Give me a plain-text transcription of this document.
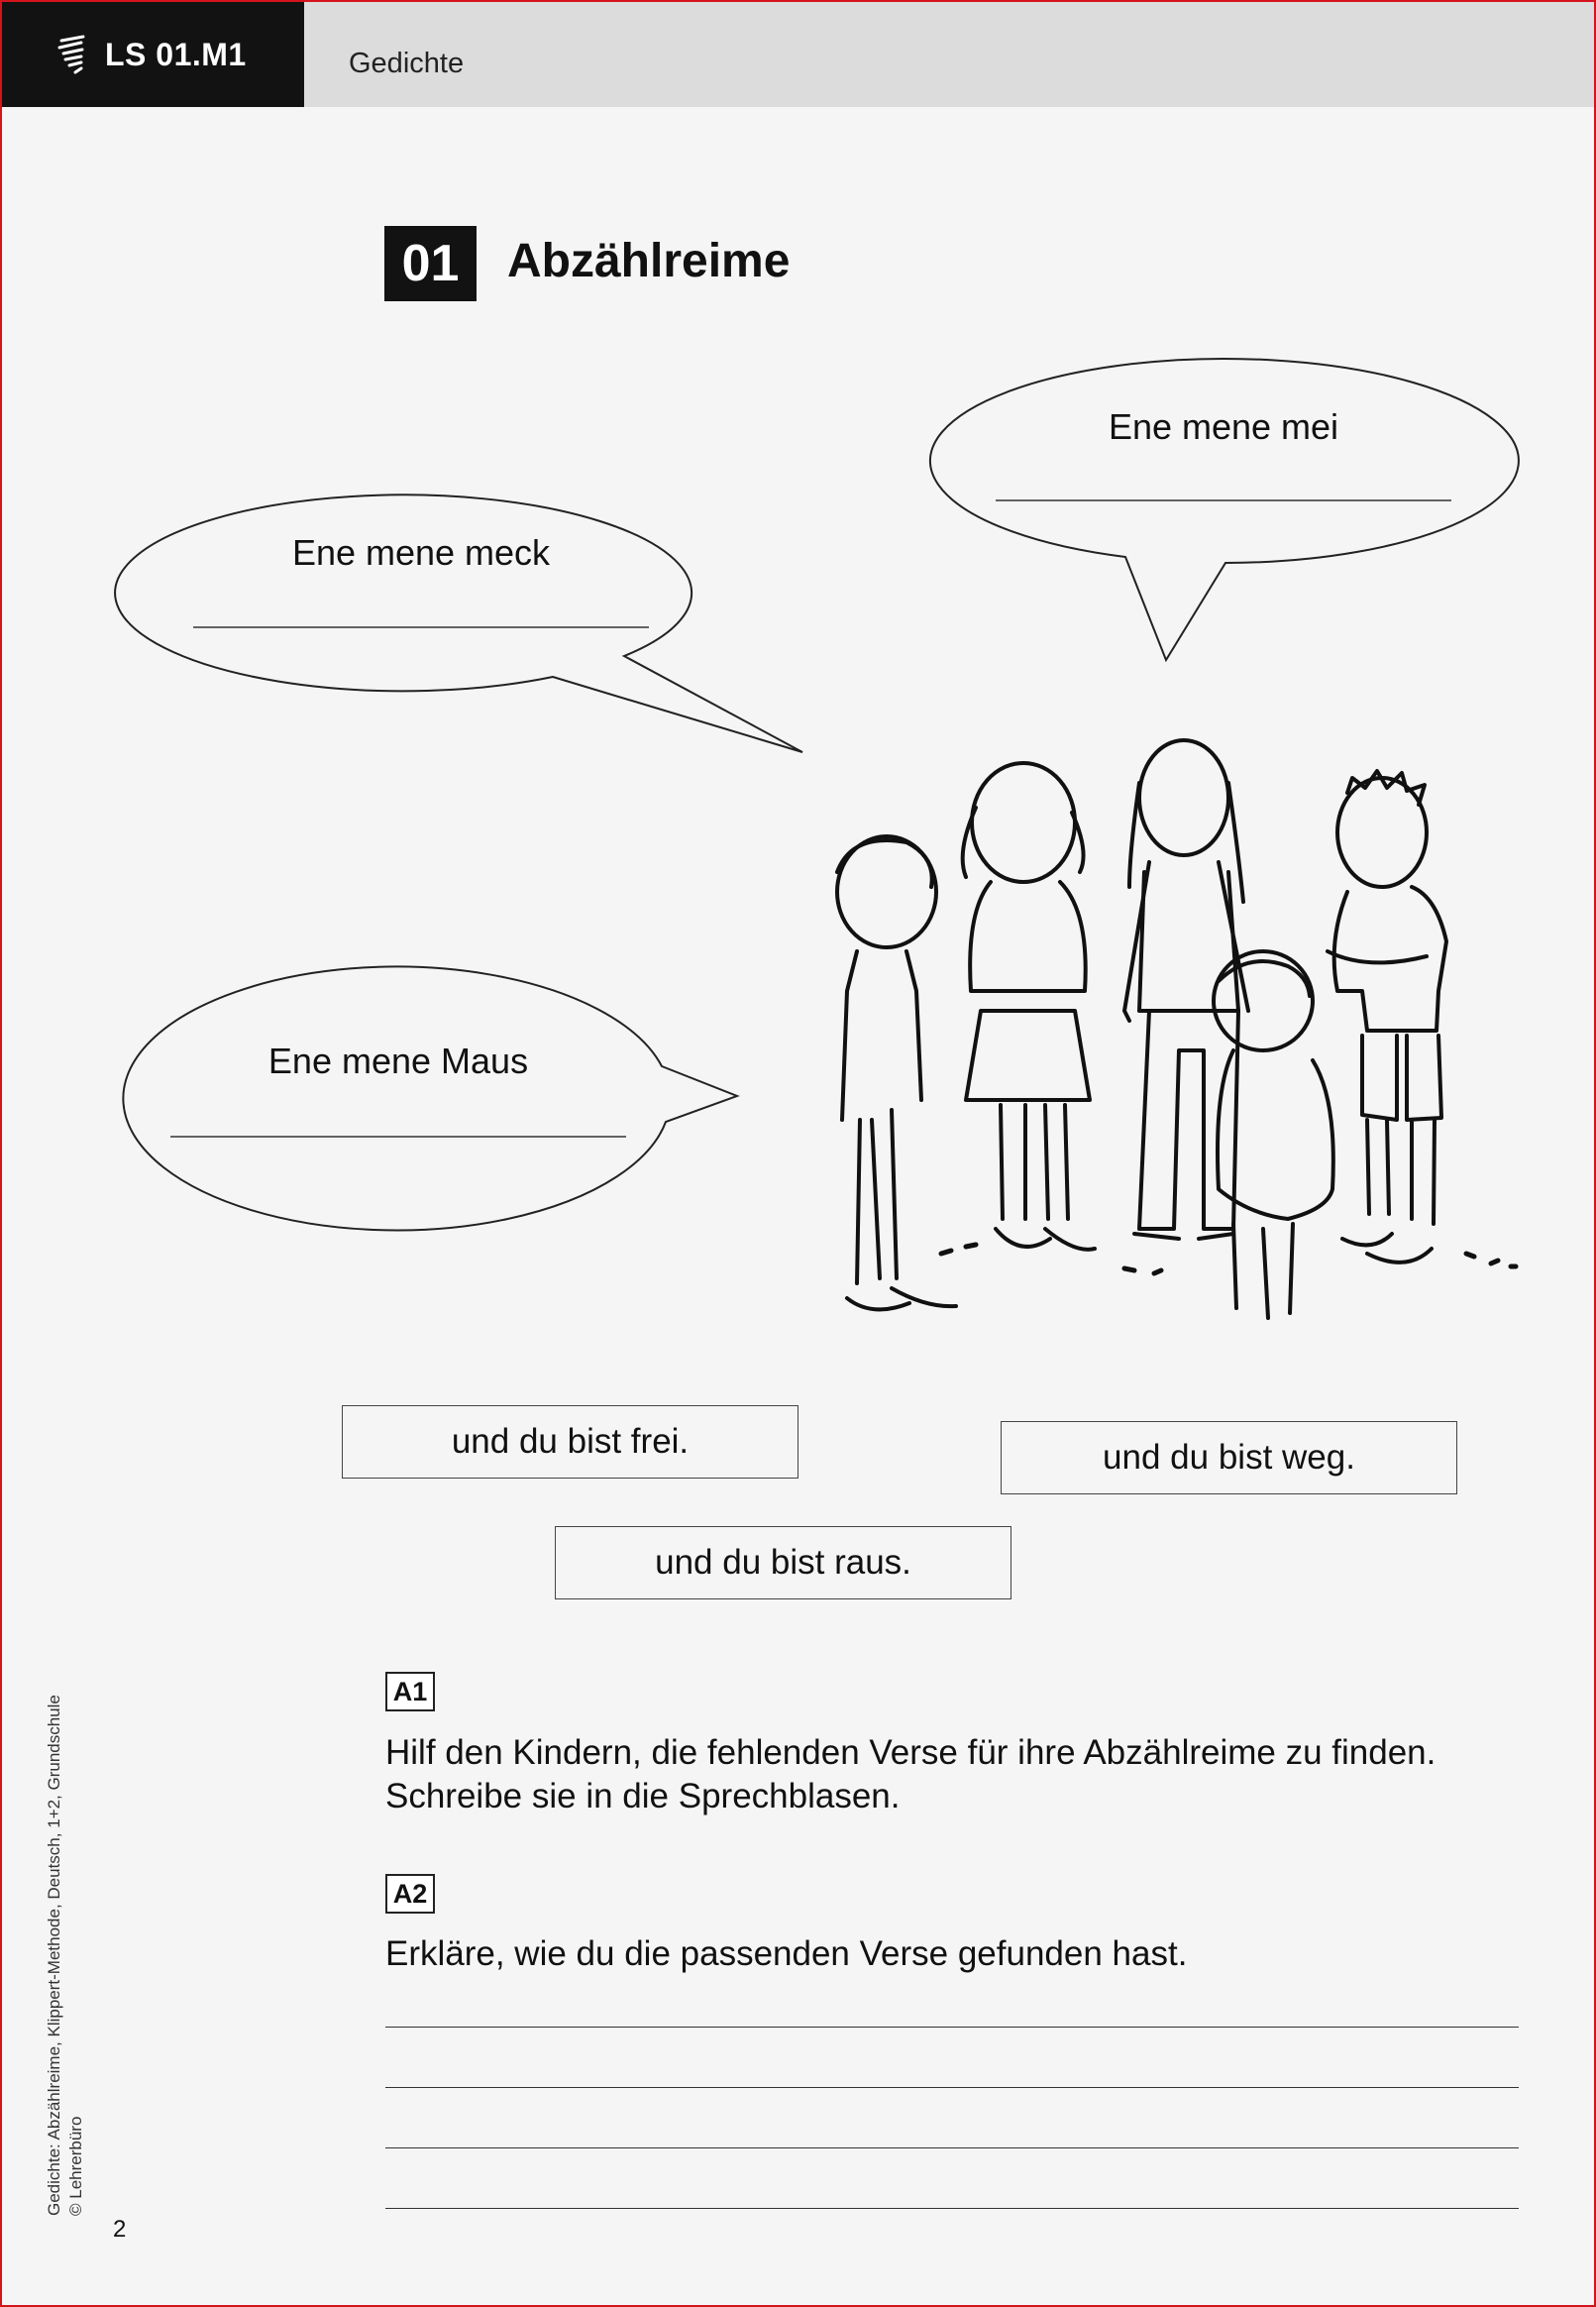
LS 01.M1	Gedichte
01	Abzählreime
Ene mene meck
Ene mene mei
Ene mene Maus
und du bist frei.	und du bist weg.
und du bist raus.
A1
Hilf den Kindern, die fehlenden Verse für ihre Abzählreime zu finden.
Schreibe sie in die Sprechblasen.
A2
Erkläre, wie du die passenden Verse gefunden hast.
Gedichte: Abzählreime, Klippert-Methode, Deutsch, 1+2, Grundschule © Lehrerbüro
2
